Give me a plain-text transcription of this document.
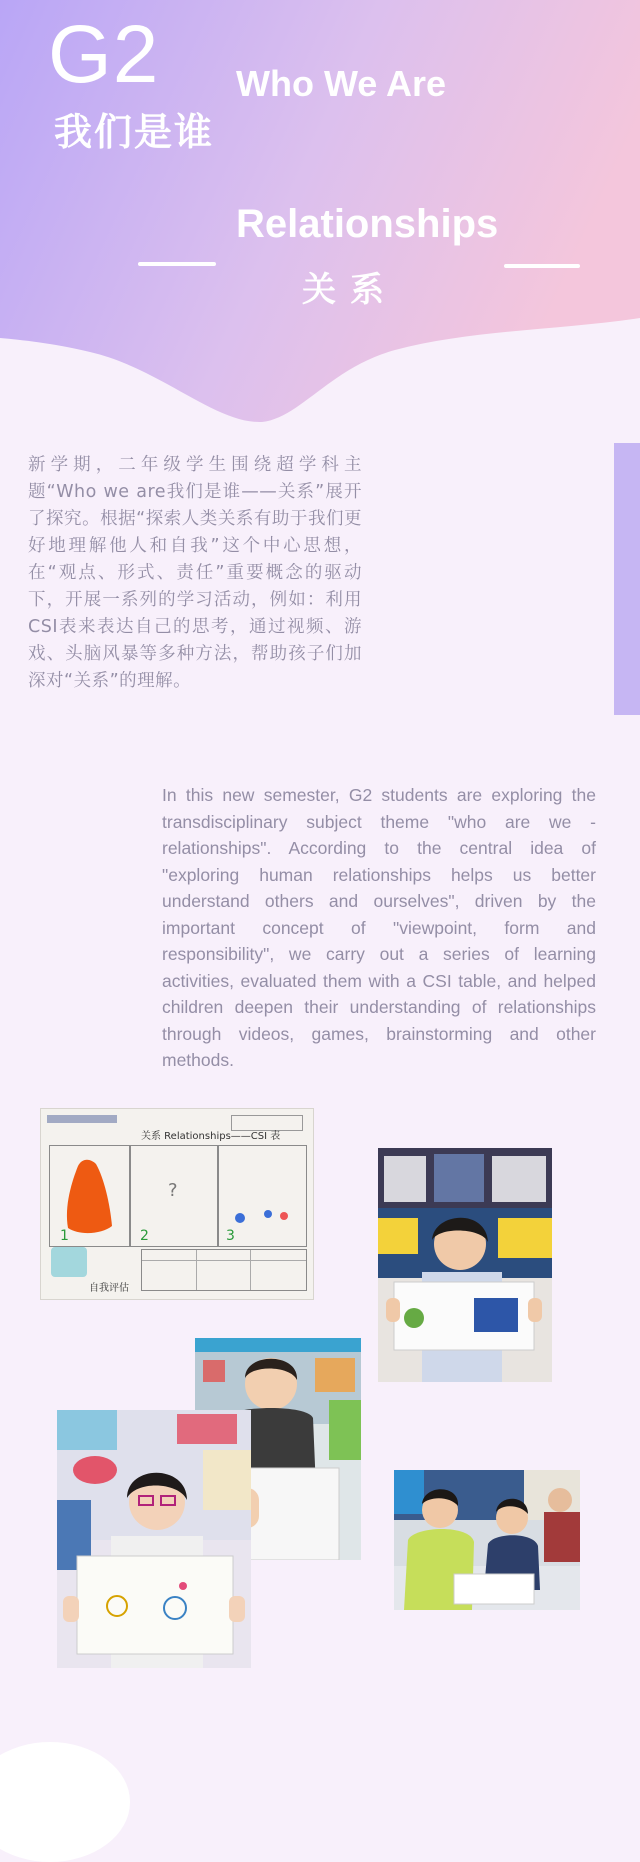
G2
我们是谁
Who We Are
Relationships
关系

新学期，二年级学生围绕超学科主题“Who we are我们是谁——关系”展开了探究。根据“探索人类关系有助于我们更好地理解他人和自我”这个中心思想，在“观点、形式、责任”重要概念的驱动下，开展一系列的学习活动，例如：利用CSI表来表达自己的思考，通过视频、游戏、头脑风暴等多种方法，帮助孩子们加深对“关系”的理解。

In this new semester, G2 students are exploring the transdisciplinary subject theme "who are we - relationships". According to the central idea of "exploring human relationships helps us better understand others and ourselves", driven by the important concept of "viewpoint, form and responsibility", we carry out a series of learning activities, evaluated them with a CSI table, and helped children deepen their understanding of relationships through videos, games, brainstorming and other methods.

关系 Relationships——CSI 表
1
?
2	3
自我评估
